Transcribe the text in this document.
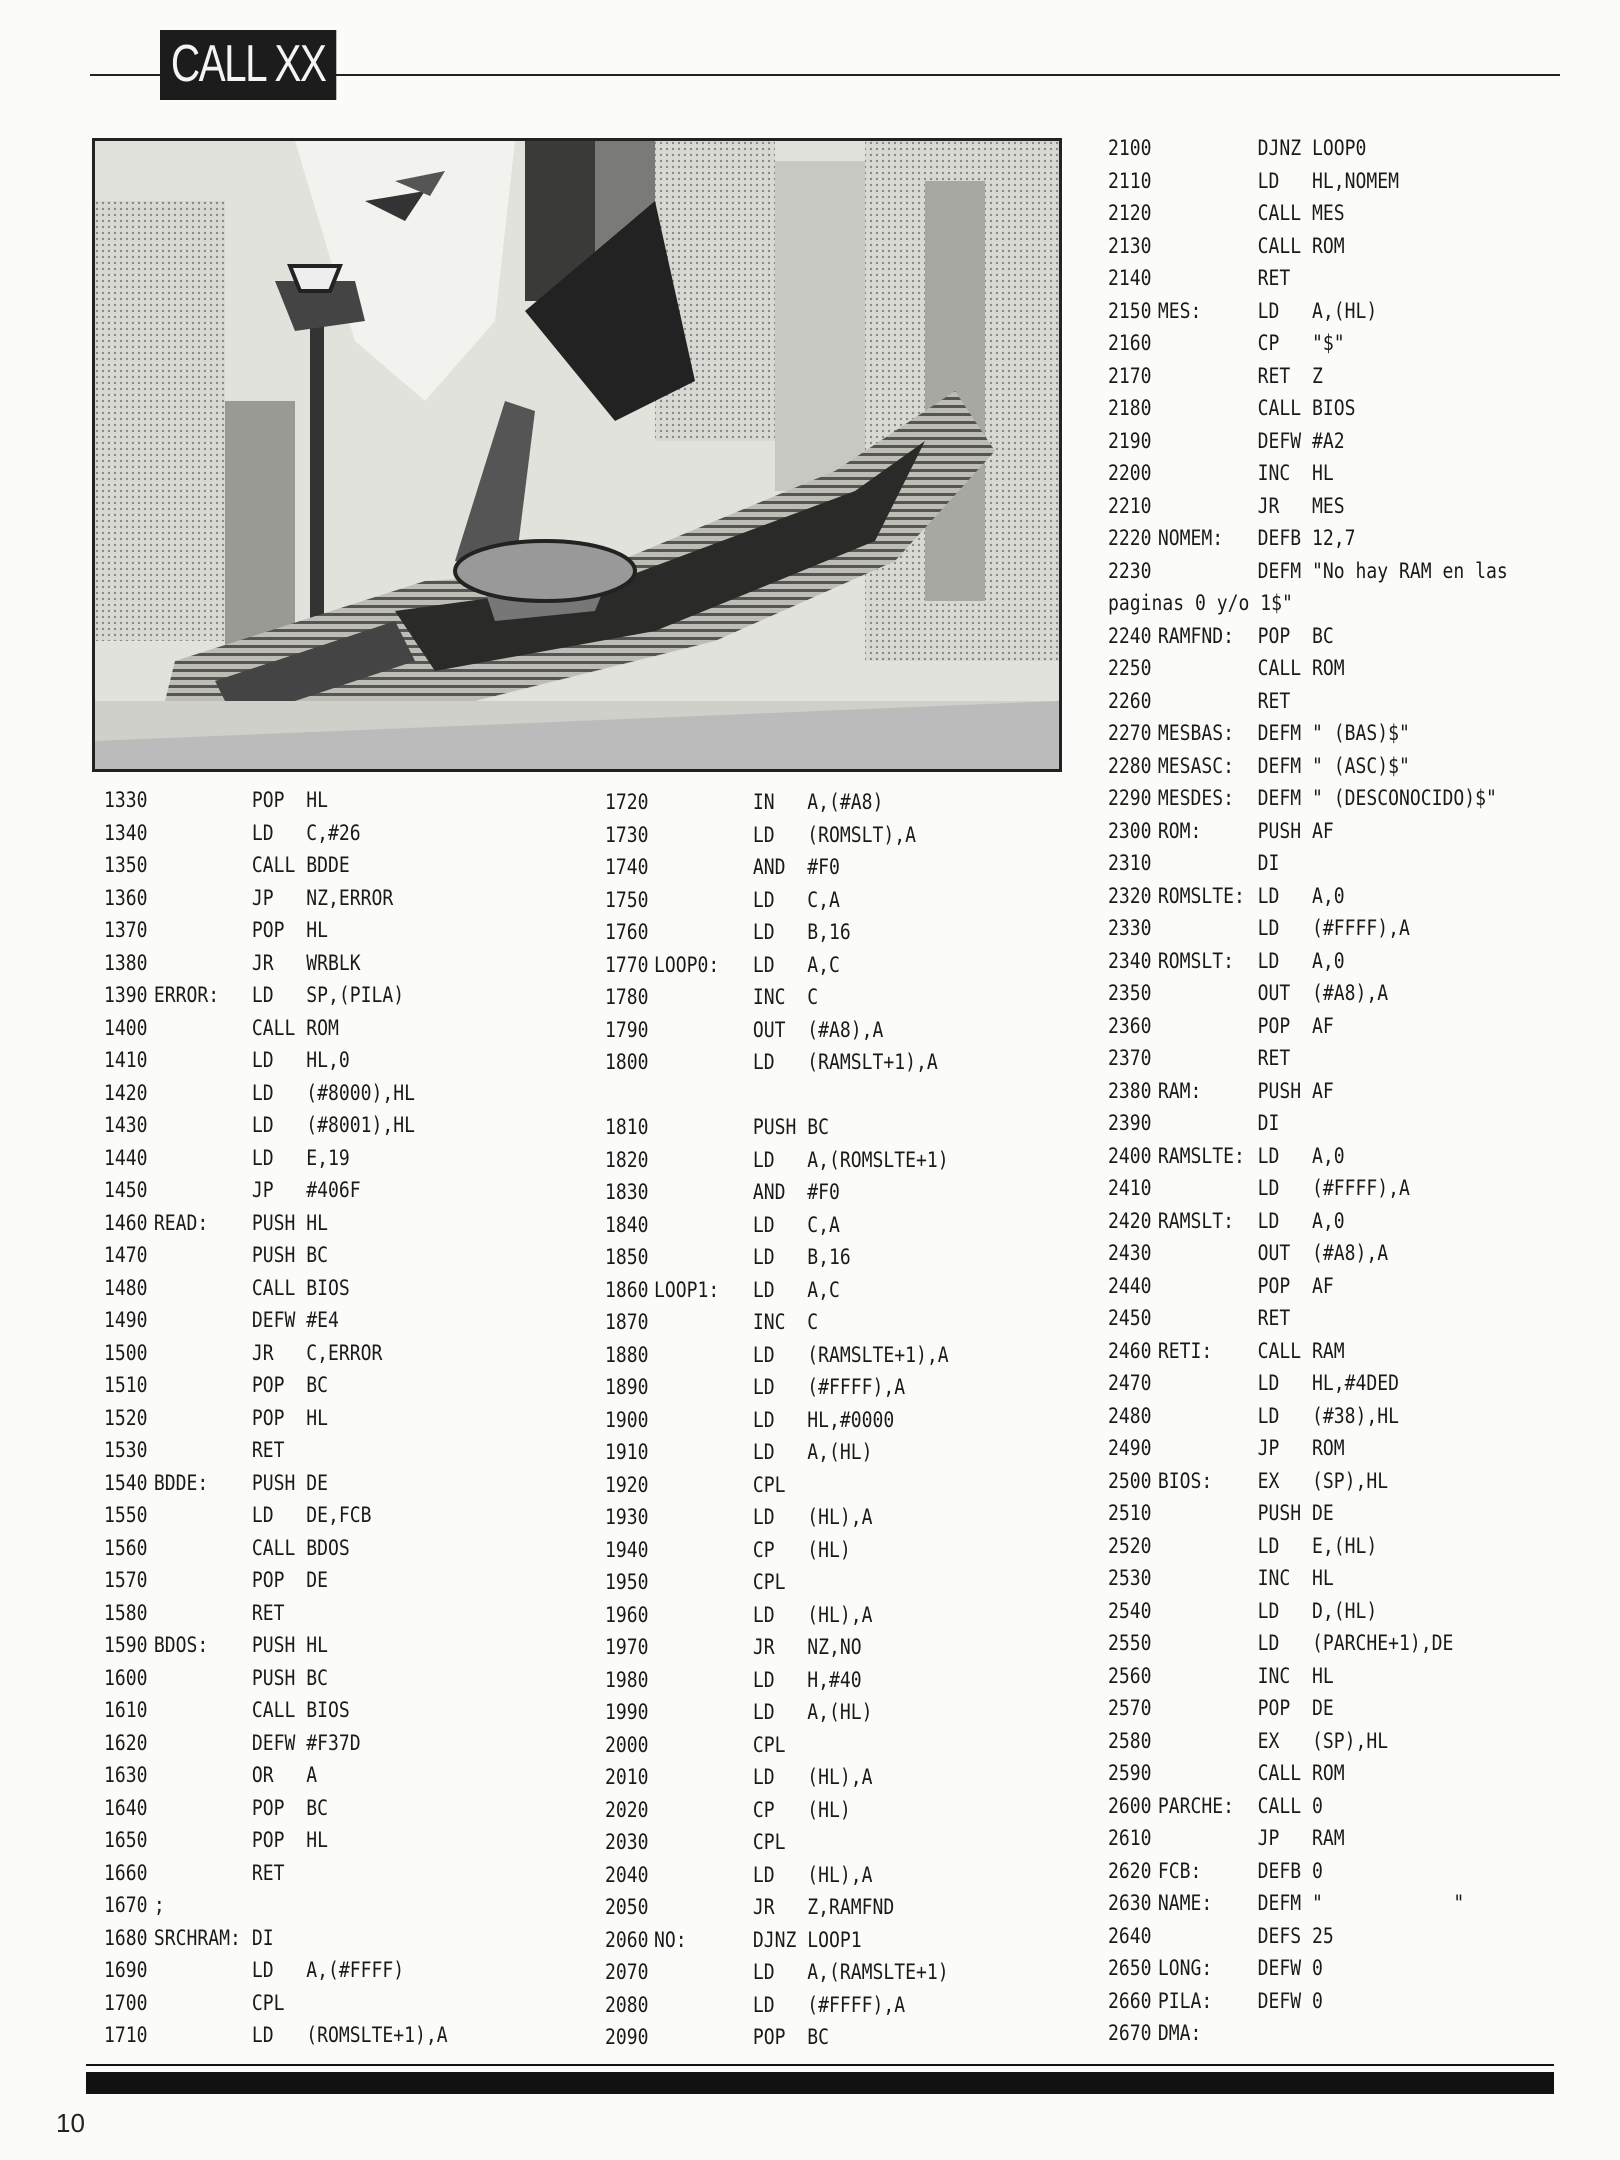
CALL XX
1330	POP  HL
1340	LD   C,#26
1350	CALL BDDE
1360	JP   NZ,ERROR
1370	POP  HL
1380	JR   WRBLK
1390 ERROR: LD   SP,(PILA)
1400	CALL ROM
1410	LD   HL,0
1420	LD   (#8000),HL
1430	LD   (#8001),HL
1440	LD   E,19
1450	JP   #406F
1460 READ: PUSH HL
1470	PUSH BC
1480	CALL BIOS
1490	DEFW #E4
1500	JR   C,ERROR
1510	POP  BC
1520	POP  HL
1530	RET
1540 BDDE: PUSH DE
1550	LD   DE,FCB
1560	CALL BDOS
1570	POP  DE
1580	RET
1590 BDOS: PUSH HL
1600	PUSH BC
1610	CALL BIOS
1620	DEFW #F37D
1630	OR   A
1640	POP  BC
1650	POP  HL
1660	RET
1670 ;
1680 SRCHRAM: DI
1690	LD   A,(#FFFF)
1700	CPL
1710	LD   (ROMSLTE+1),A
1720	IN   A,(#A8)
1730	LD   (ROMSLT),A
1740	AND  #F0
1750	LD   C,A
1760	LD   B,16
1770 LOOP0: LD   A,C
1780	INC  C
1790	OUT  (#A8),A
1800	LD   (RAMSLT+1),A
1810	PUSH BC
1820	LD   A,(ROMSLTE+1)
1830	AND  #F0
1840	LD   C,A
1850	LD   B,16
1860 LOOP1: LD   A,C
1870	INC  C
1880	LD   (RAMSLTE+1),A
1890	LD   (#FFFF),A
1900	LD   HL,#0000
1910	LD   A,(HL)
1920	CPL
1930	LD   (HL),A
1940	CP   (HL)
1950	CPL
1960	LD   (HL),A
1970	JR   NZ,NO
1980	LD   H,#40
1990	LD   A,(HL)
2000	CPL
2010	LD   (HL),A
2020	CP   (HL)
2030	CPL
2040	LD   (HL),A
2050	JR   Z,RAMFND
2060 NO:	DJNZ LOOP1
2070	LD   A,(RAMSLTE+1)
2080	LD   (#FFFF),A
2090	POP  BC
2100	DJNZ LOOP0
2110	LD   HL,NOMEM
2120	CALL MES
2130	CALL ROM
2140	RET
2150 MES:	LD   A,(HL)
2160	CP   "$"
2170	RET  Z
2180	CALL BIOS
2190	DEFW #A2
2200	INC  HL
2210	JR   MES
2220 NOMEM: DEFB 12,7
2230	DEFM "No hay RAM en las
paginas 0 y/o 1$"
2240 RAMFND: POP  BC
2250	CALL ROM
2260	RET
2270 MESBAS: DEFM " (BAS)$"
2280 MESASC: DEFM " (ASC)$"
2290 MESDES: DEFM " (DESCONOCIDO)$"
2300 ROM:	PUSH AF
2310	DI
2320 ROMSLTE: LD   A,0
2330	LD   (#FFFF),A
2340 ROMSLT: LD   A,0
2350	OUT  (#A8),A
2360	POP  AF
2370	RET
2380 RAM:	PUSH AF
2390	DI
2400 RAMSLTE: LD   A,0
2410	LD   (#FFFF),A
2420 RAMSLT: LD   A,0
2430	OUT  (#A8),A
2440	POP  AF
2450	RET
2460 RETI: CALL RAM
2470	LD   HL,#4DED
2480	LD   (#38),HL
2490	JP   ROM
2500 BIOS: EX   (SP),HL
2510	PUSH DE
2520	LD   E,(HL)
2530	INC  HL
2540	LD   D,(HL)
2550	LD   (PARCHE+1),DE
2560	INC  HL
2570	POP  DE
2580	EX   (SP),HL
2590	CALL ROM
2600 PARCHE: CALL 0
2610	JP   RAM
2620 FCB:	DEFB 0
2630 NAME: DEFM "            "
2640	DEFS 25
2650 LONG: DEFW 0
2660 PILA: DEFW 0
2670 DMA:
10
